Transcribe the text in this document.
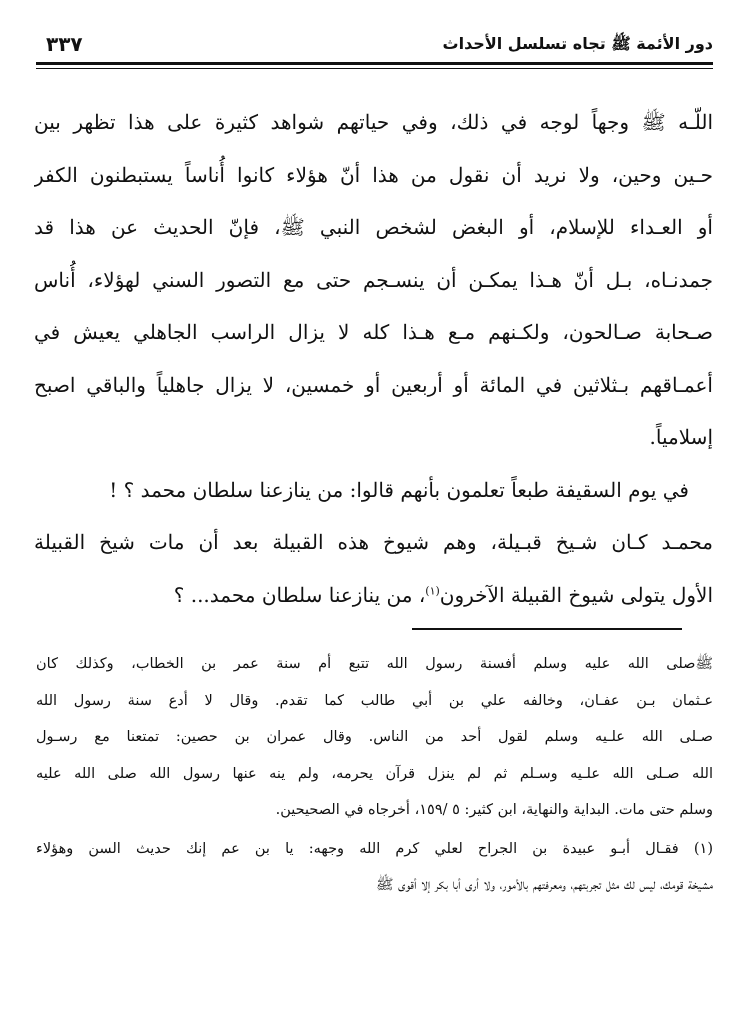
٣٣٧	دور الأئمة ﷺ تجاه تسلسل الأحداث
اللّـه ﷺ وجهاً لوجه في ذلك، وفي حياتهم شواهد كثيرة على هذا تظهر بين
حـين وحين، ولا نريد أن نقول من هذا أنّ هؤلاء كانوا أُناساً يستبطنون الكفر
أو العـداء للإسلام، أو البغض لشخص النبي ﷺ، فإنّ الحديث عن هذا قد
جمدنـاه، بـل أنّ هـذا يمكـن أن ينسـجم حتى مع التصور السني لهؤلاء، أُناس
صـحابة صـالحون، ولكـنهم مـع هـذا كله لا يزال الراسب الجاهلي يعيش في
أعمـاقهم بـثلاثين في المائة أو أربعين أو خمسين، لا يزال جاهلياً والباقي اصبح
إسلامياً.
في يوم السقيفة طبعاً تعلمون بأنهم قالوا: من ينازعنا سلطان محمد ؟ !
محمـد كـان شـيخ قبـيلة، وهم شيوخ هذه القبيلة بعد أن مات شيخ القبيلة
الأول يتولى شيوخ القبيلة الآخرون$^{(١)}$، من ينازعنا سلطان محمد... ؟
ﷺصلى الله عليه وسلم أفسنة رسول الله تتبع أم سنة عمر بن الخطاب، وكذلك كان
عـثمان بـن عفـان، وخالفه علي بن أبي طالب كما تقدم. وقال لا أدع سنة رسول الله
صـلى الله علـيه وسلم لقول أحد من الناس. وقال عمران بن حصين: تمتعنا مع رسـول
الله صـلى الله علـيه وسـلم ثم لم ينزل قرآن يحرمه، ولم ينه عنها رسول الله صلى الله عليه
وسلم حتى مات. البداية والنهاية، ابن كثير: ٥ /١٥٩، أخرجاه في الصحيحين.
(١) فقـال أبـو عبيدة بن الجراح لعلي كرم الله وجهه: يا بن عم إنك حديث السن وهؤلاء
مشيخة قومك، ليس لك مثل تجربتهم، ومعرفتهم بالأمور، ولا أرى أبا بكر إلا أقوى ﷺ
